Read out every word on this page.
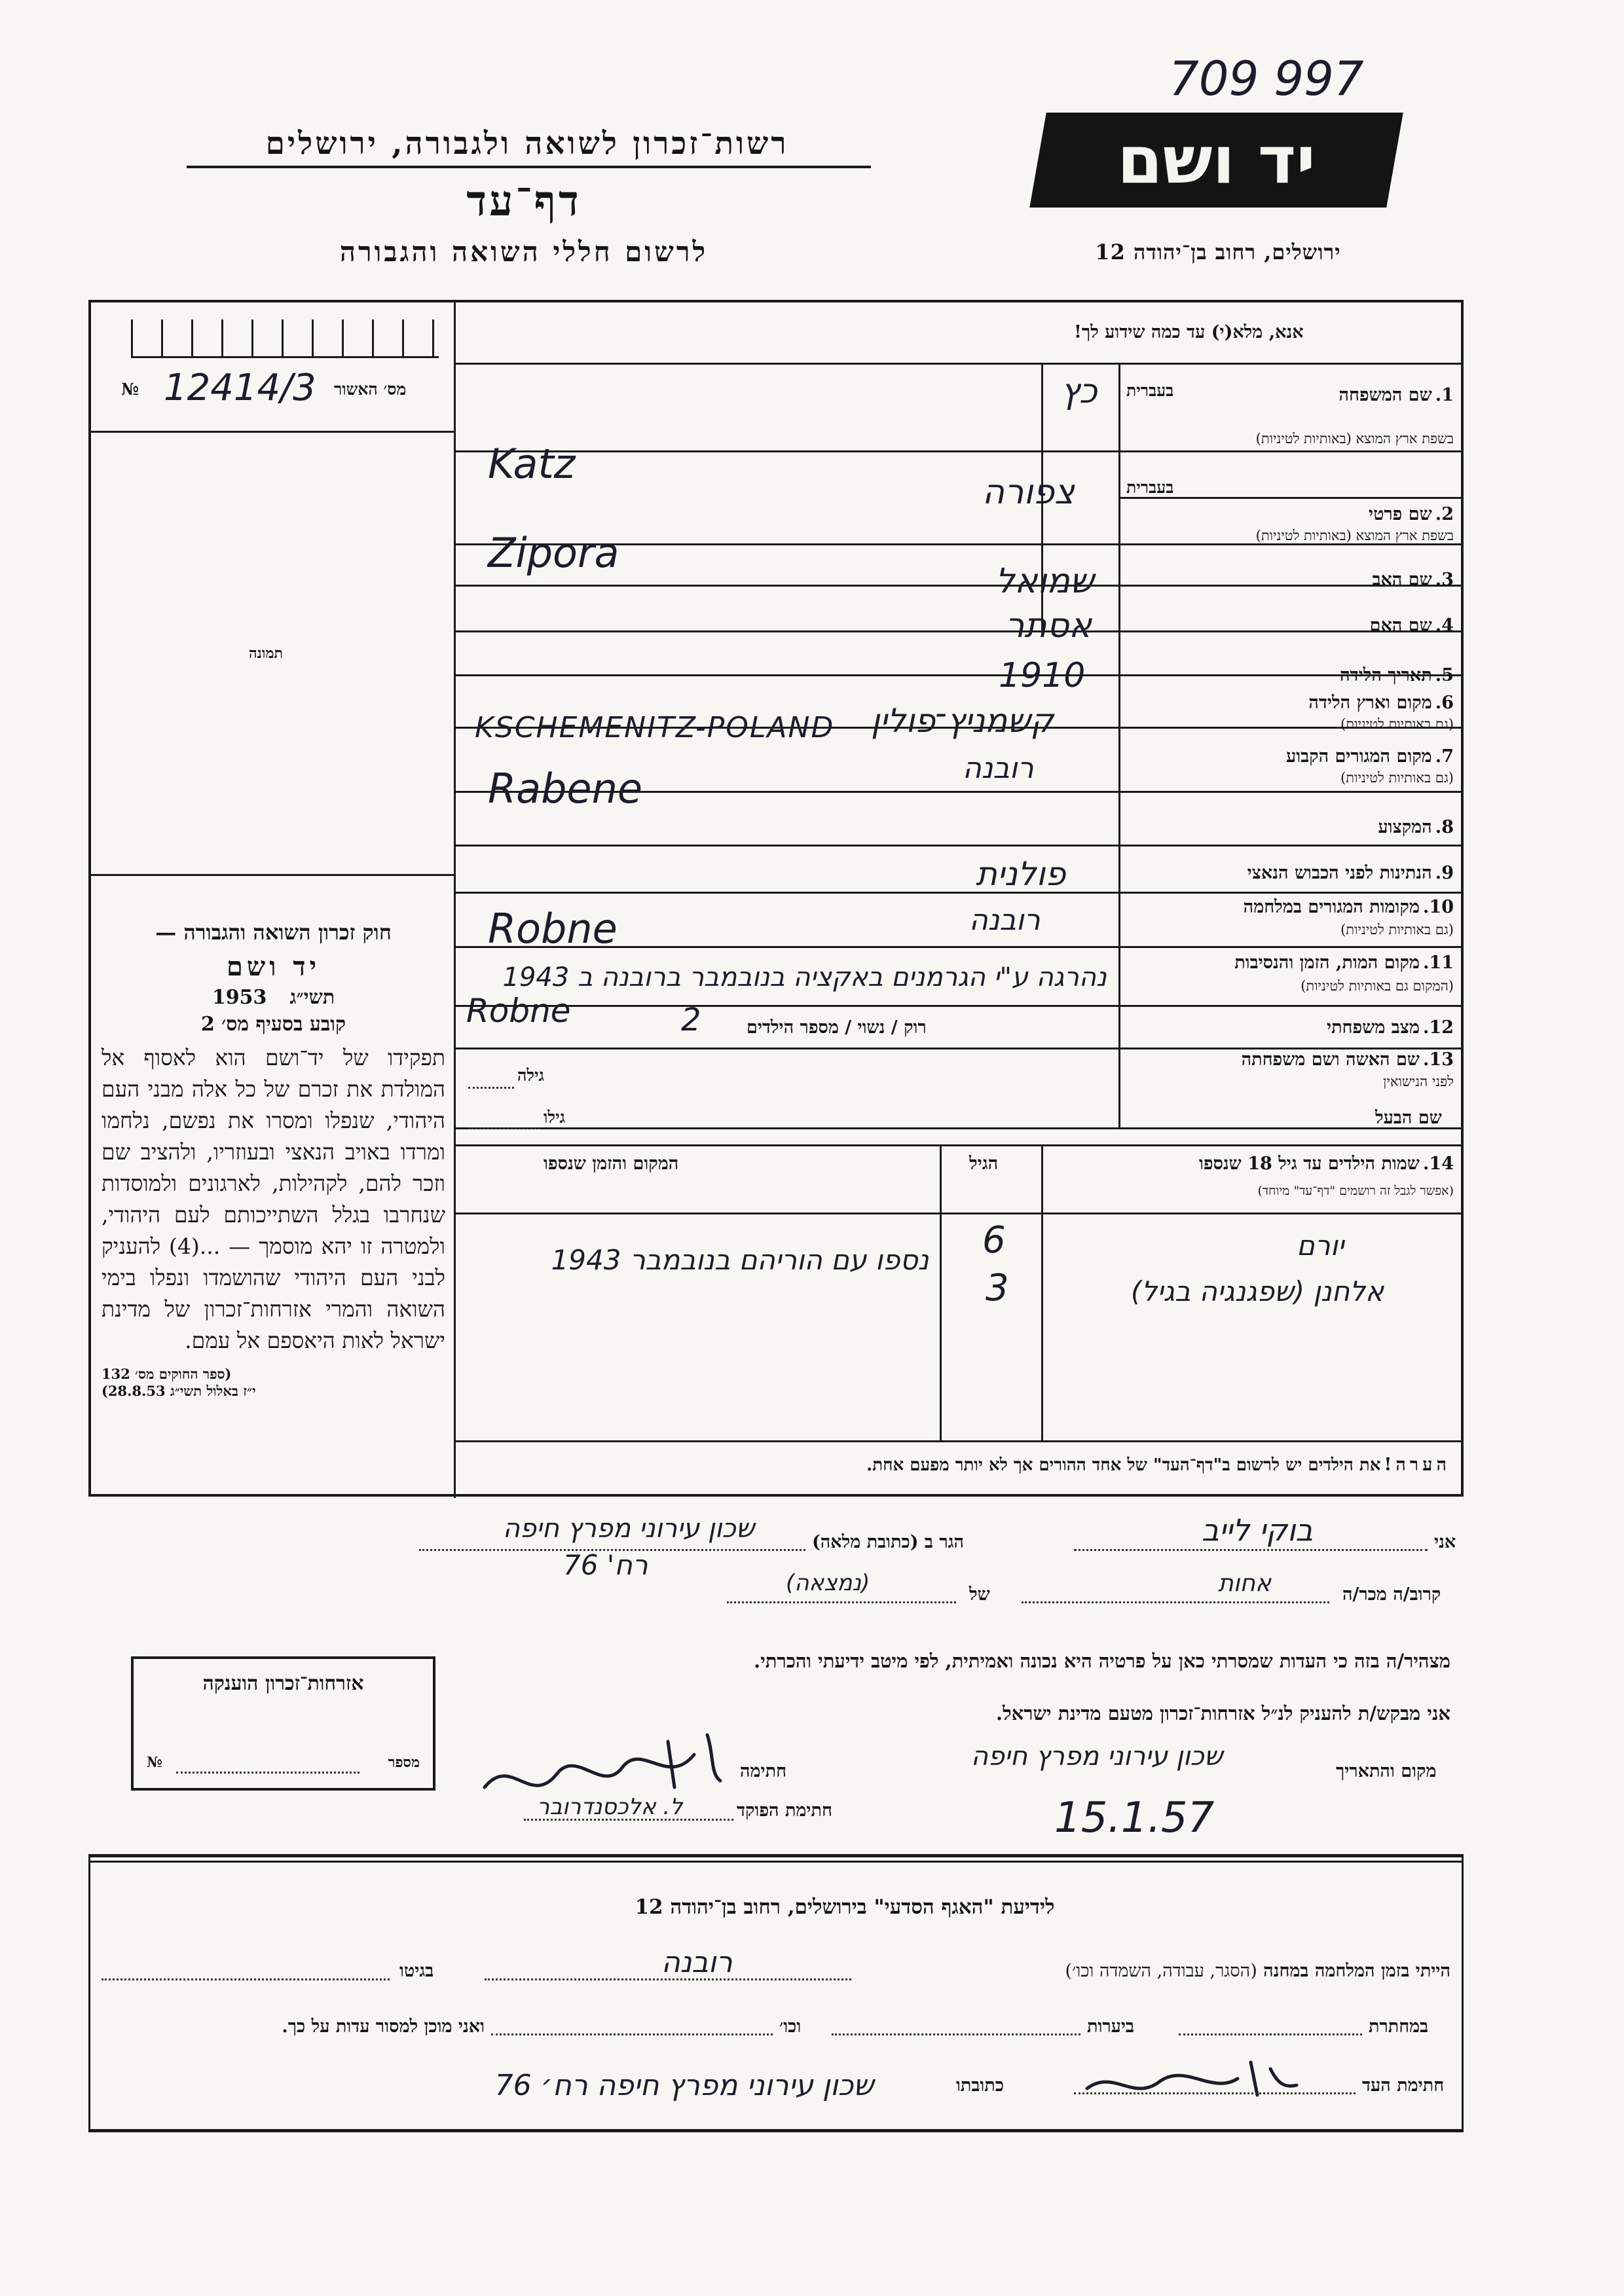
709 997
יד ושם
רשות־זכרון לשואה ולגבורה, ירושלים
דף־עד
לרשום חללי השואה והגבורה	ירושלים, רחוב בן־יהודה 12
מס׳ האשור
№ 12414/3
תמונה
אנא, מלא(י) עד כמה שידוע לך!
1. שם המשפחה
בעברית
בשפת ארץ המוצא (באותיות לטיניות)
כץ
Katz
2. שם פרטי
בעברית
בשפת ארץ המוצא (באותיות לטיניות)
צפורה
Zipora
3. שם האב
שמואל
4. שם האם
אסתר
5. תאריך הלידה
1910
6. מקום וארץ הלידה
(גם באותיות לטיניות)
קשמניץ־פולין
KSCHEMENITZ-POLAND
7. מקום המגורים הקבוע
(גם באותיות לטיניות)
רובנה
Rabene
8. המקצוע
9. הנתינות לפני הכבוש הנאצי
פולנית
10. מקומות המגורים במלחמה
(גם באותיות לטיניות)
רובנה
Robne
11. מקום המות, הזמן והנסיבות
(המקום גם באותיות לטיניות)
נהרגה ע"י הגרמנים באקציה בנובמבר ברובנה ב 1943
Robne	12. מצב משפחתי
רוק / נשוי / מספר הילדים
2
13. שם האשה ושם משפחתה
לפני הנישואין
גילה
שם הבעל
גילו
14. שמות הילדים עד גיל 18 שנספו
(אפשר לגבל זה רושמים "דף־עד" מיוחד)
הגיל
המקום והזמן שנספו
יורם
6
נספו עם הוריהם בנובמבר 1943
אלחנן (שפגנגיה בגיל)
3
הערה! את הילדים יש לרשום ב"דף־העד" של אחד ההורים אך לא יותר מפעם אחת.
חוק זכרון השואה והגבורה —
יד ושם
תשי״ג 1953
קובע בסעיף מס׳ 2
תפקידו של יד־ושם הוא לאסוף אל המולדת את זכרם של כל אלה מבני העם היהודי, שנפלו ומסרו את נפשם, נלחמו ומרדו באויב הנאצי ובעוזריו, ולהציב שם וזכר להם, לקהילות, לארגונים ולמוסדות שנחרבו בגלל השתייכותם לעם היהודי, ולמטרה זו יהא מוסמך — ...(4) להעניק לבני העם היהודי שהושמדו ונפלו בימי השואה והמרי אזרחות־זכרון של מדינת ישראל לאות היאספם אל עמם.
(ספר החוקים מס׳ 132
י״ז באלול תשי״ג 28.8.53)
אני
בוקי לייב
הגר ב (כתובת מלאה)
שכון עירוני מפרץ חיפה
רח' 76
קרוב/ה מכר/ה
אחות
של
(נמצאה)
מצהיר/ה בזה כי העדות שמסרתי כאן על פרטיה היא נכונה ואמיתית, לפי מיטב ידיעתי והכרתי.
אני מבקש/ת להעניק לנ״ל אזרחות־זכרון מטעם מדינת ישראל.
מקום והתאריך
שכון עירוני מפרץ חיפה
15.1.57
חתימה
חתימת הפוקד
ל. אלכסנדרובר
אזרחות־זכרון הוענקה
מספר
№
לידיעת "האגף הסדעי" בירושלים, רחוב בן־יהודה 12
הייתי בזמן המלחמה במחנה (הסגר, עבודה, השמדה וכו׳)
רובנה
בגיטו
במחתרת
ביערות
וכו׳
ואני מוכן למסור עדות על כך.
חתימת העד
כתובתו
שכון עירוני מפרץ חיפה רח׳ 76
